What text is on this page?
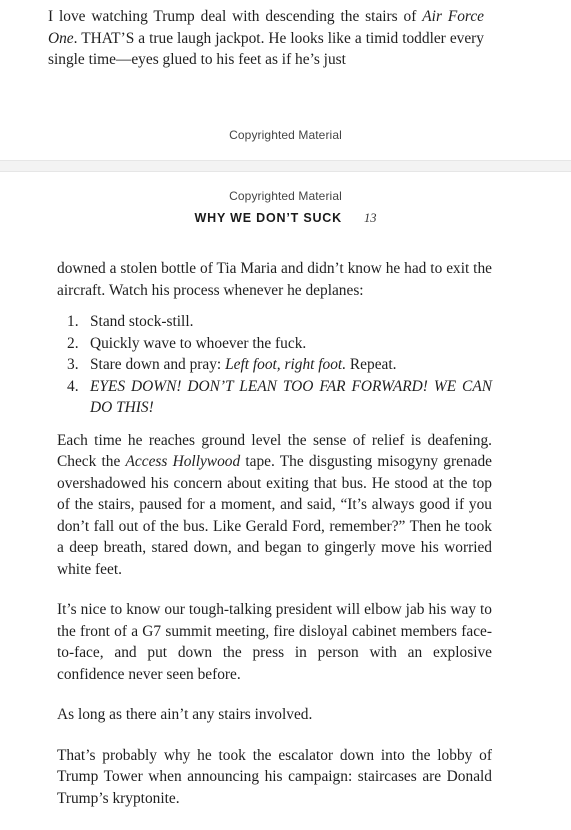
I love watching Trump deal with descending the stairs of Air Force One. THAT’S a true laugh jackpot. He looks like a timid toddler every single time—eyes glued to his feet as if he’s just

Copyrighted Material
Copyrighted Material
WHY WE DON’T SUCK 13

downed a stolen bottle of Tia Maria and didn’t know he had to exit the aircraft. Watch his process whenever he deplanes:

1. Stand stock-still.
2. Quickly wave to whoever the fuck.
3. Stare down and pray: Left foot, right foot. Repeat.
4. EYES DOWN! DON’T LEAN TOO FAR FORWARD! WE CAN DO THIS!

Each time he reaches ground level the sense of relief is deafening. Check the Access Hollywood tape. The disgusting misogyny grenade overshadowed his concern about exiting that bus. He stood at the top of the stairs, paused for a moment, and said, “It’s always good if you don’t fall out of the bus. Like Gerald Ford, remember?” Then he took a deep breath, stared down, and began to gingerly move his worried white feet.

It’s nice to know our tough-talking president will elbow jab his way to the front of a G7 summit meeting, fire disloyal cabinet members face-to-face, and put down the press in person with an explosive confidence never seen before.

As long as there ain’t any stairs involved.

That’s probably why he took the escalator down into the lobby of Trump Tower when announcing his campaign: staircases are Donald Trump’s kryptonite.
